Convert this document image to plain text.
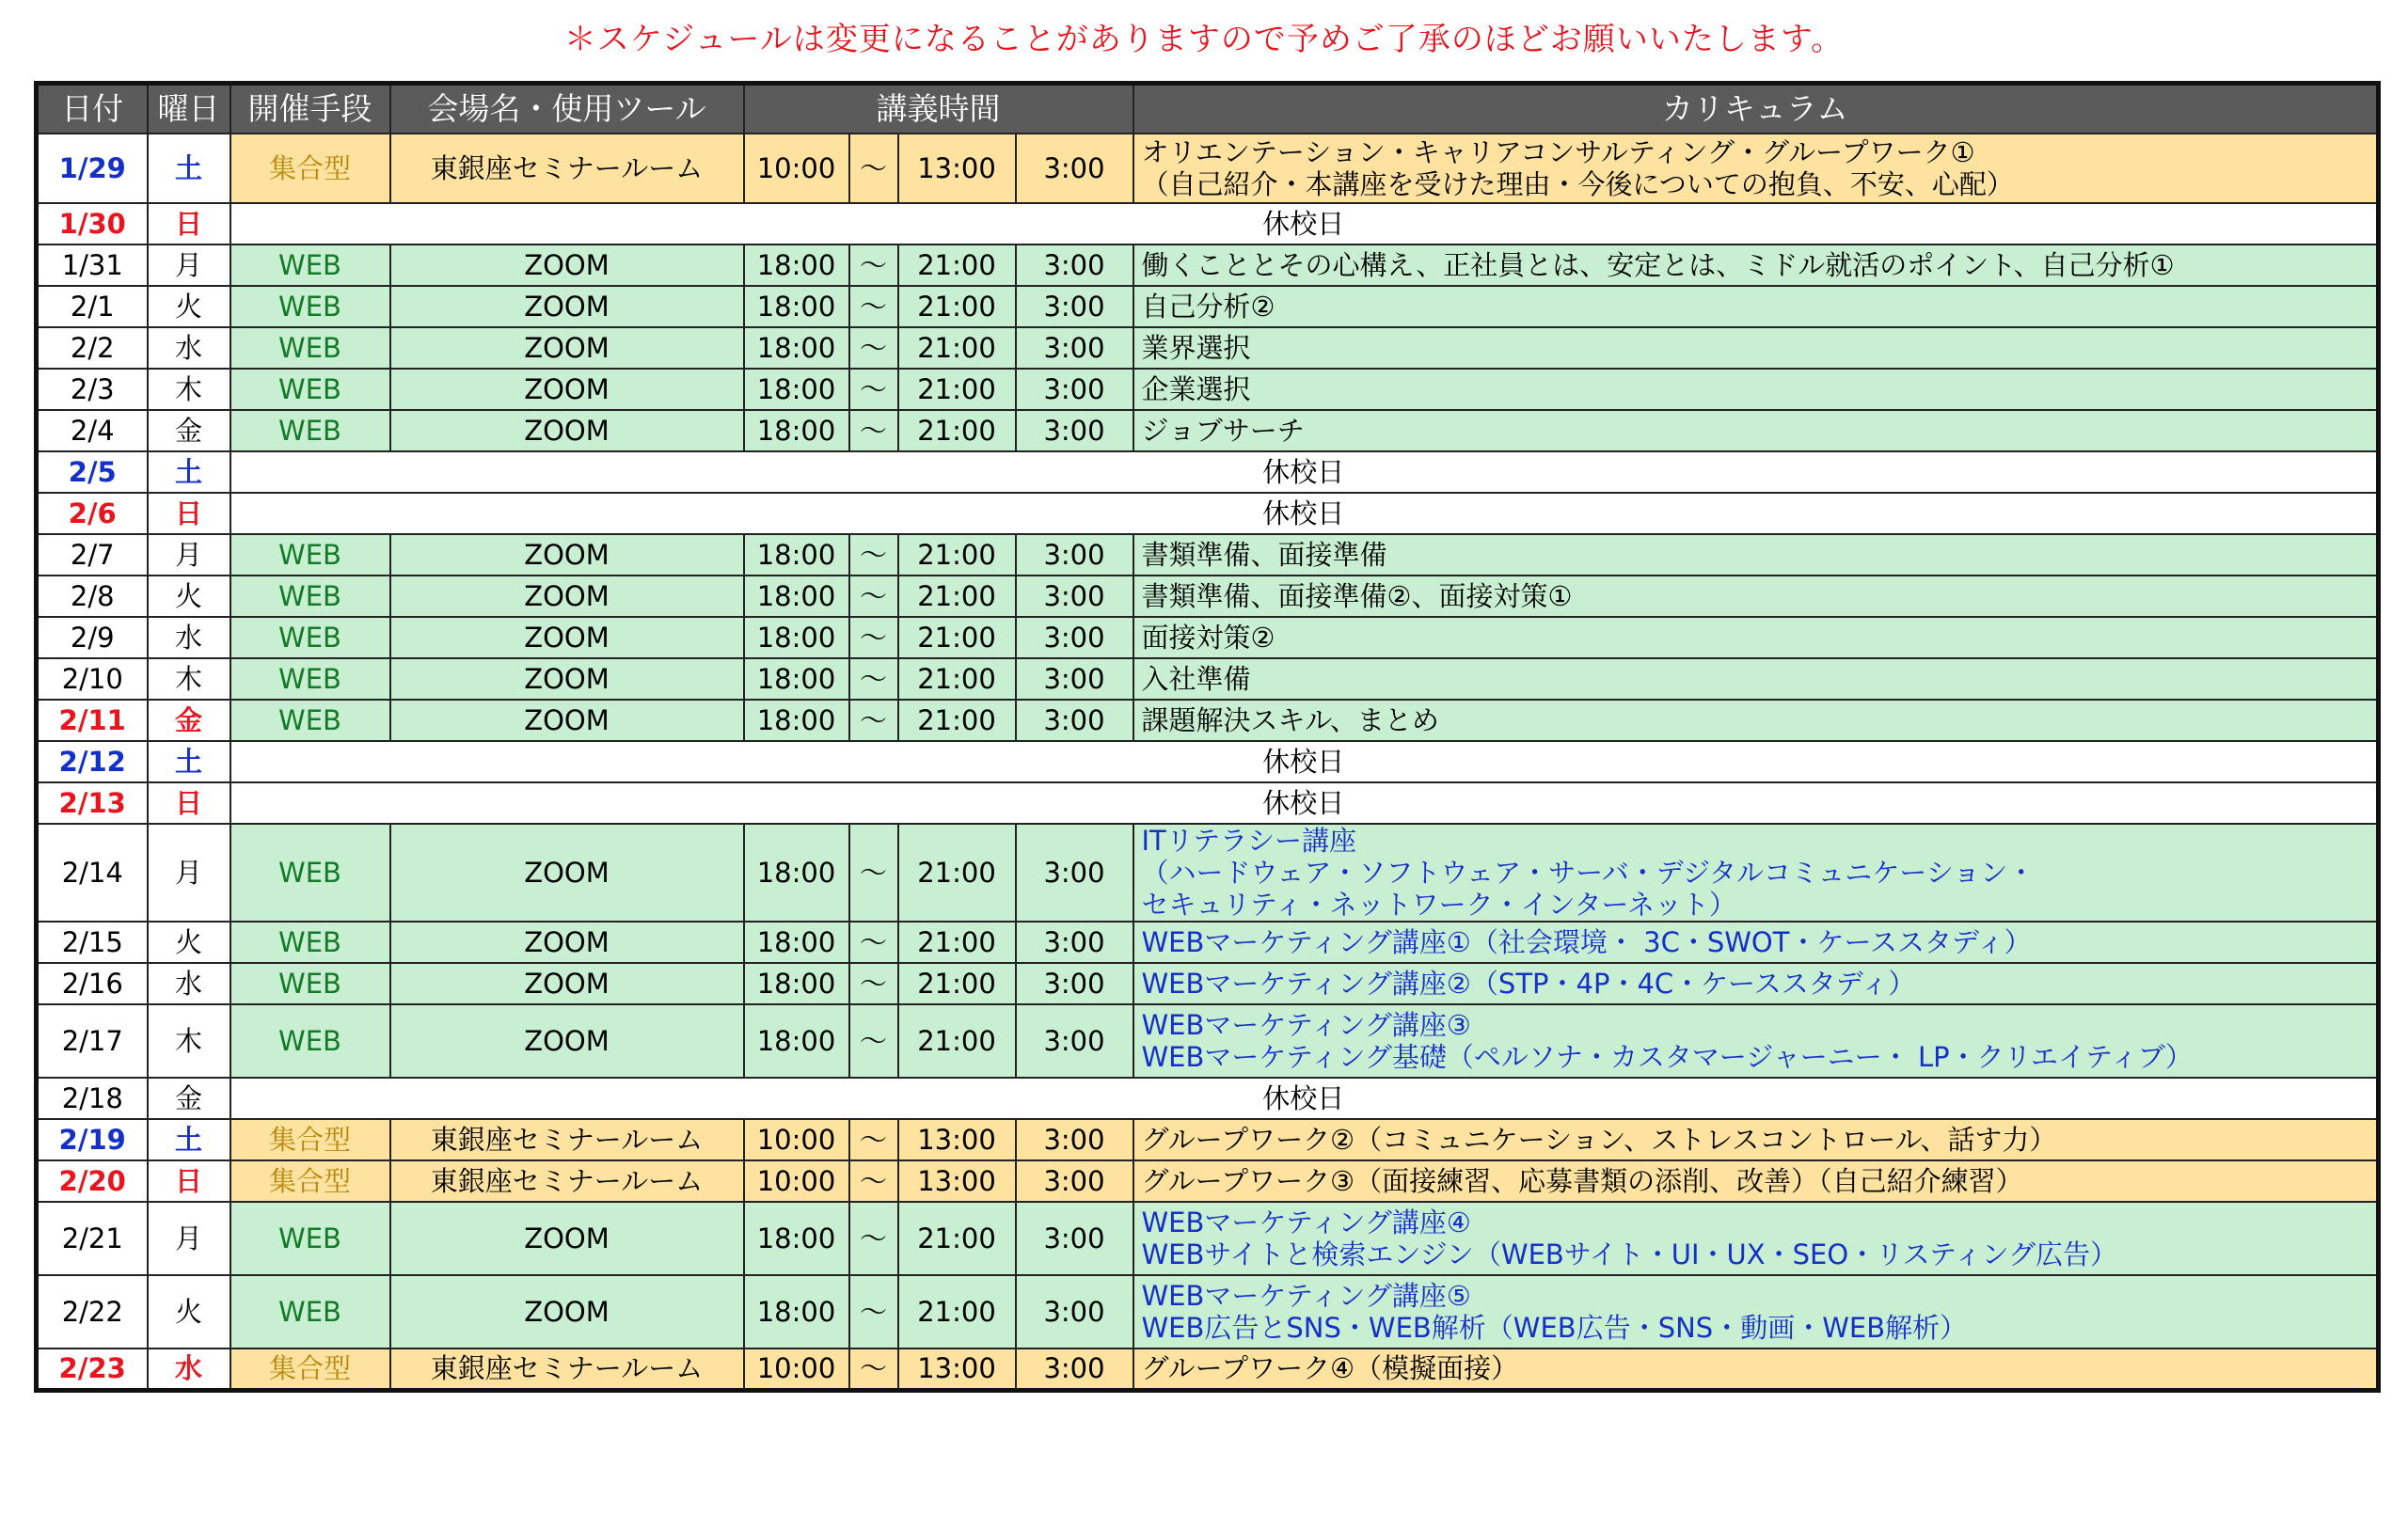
＊スケジュールは変更になることがありますので予めご了承のほどお願いいたします。
日付	曜日	開催手段	会場名・使用ツール	講義時間				カリキュラム
1/29	土	集合型	東銀座セミナールーム	10:00	～	13:00	3:00	オリエンテーション・キャリアコンサルティング・グループワーク①
（自己紹介・本講座を受けた理由・今後についての抱負、不安、心配）

1/30	日	休校日						
1/31	月	WEB	ZOOM	18:00	～	21:00	3:00	働くこととその心構え、正社員とは、安定とは、ミドル就活のポイント、自己分析①

2/1	火	WEB	ZOOM	18:00	～	21:00	3:00	自己分析②

2/2	水	WEB	ZOOM	18:00	～	21:00	3:00	業界選択

2/3	木	WEB	ZOOM	18:00	～	21:00	3:00	企業選択

2/4	金	WEB	ZOOM	18:00	～	21:00	3:00	ジョブサーチ

2/5	土	休校日						
2/6	日	休校日						
2/7	月	WEB	ZOOM	18:00	～	21:00	3:00	書類準備、面接準備

2/8	火	WEB	ZOOM	18:00	～	21:00	3:00	書類準備、面接準備②、面接対策①

2/9	水	WEB	ZOOM	18:00	～	21:00	3:00	面接対策②

2/10	木	WEB	ZOOM	18:00	～	21:00	3:00	入社準備

2/11	金	WEB	ZOOM	18:00	～	21:00	3:00	課題解決スキル、まとめ

2/12	土	休校日						
2/13	日	休校日						
2/14	月	WEB	ZOOM	18:00	～	21:00	3:00	ITリテラシー講座
（ハードウェア・ソフトウェア・サーバ・デジタルコミュニケーション・
セキュリティ・ネットワーク・インターネット）

2/15	火	WEB	ZOOM	18:00	～	21:00	3:00	WEBマーケティング講座①（社会環境・ 3C・SWOT・ケーススタディ）

2/16	水	WEB	ZOOM	18:00	～	21:00	3:00	WEBマーケティング講座②（STP・4P・4C・ケーススタディ）

2/17	木	WEB	ZOOM	18:00	～	21:00	3:00	WEBマーケティング講座③
WEBマーケティング基礎（ペルソナ・カスタマージャーニー・ LP・クリエイティブ）

2/18	金	休校日						
2/19	土	集合型	東銀座セミナールーム	10:00	～	13:00	3:00	グループワーク②（コミュニケーション、ストレスコントロール、話す力）

2/20	日	集合型	東銀座セミナールーム	10:00	～	13:00	3:00	グループワーク③（面接練習、応募書類の添削、改善）（自己紹介練習）

2/21	月	WEB	ZOOM	18:00	～	21:00	3:00	WEBマーケティング講座④
WEBサイトと検索エンジン（WEBサイト・UI・UX・SEO・リスティング広告）

2/22	火	WEB	ZOOM	18:00	～	21:00	3:00	WEBマーケティング講座⑤
WEB広告とSNS・WEB解析（WEB広告・SNS・動画・WEB解析）

2/23	水	集合型	東銀座セミナールーム	10:00	～	13:00	3:00	グループワーク④（模擬面接）
